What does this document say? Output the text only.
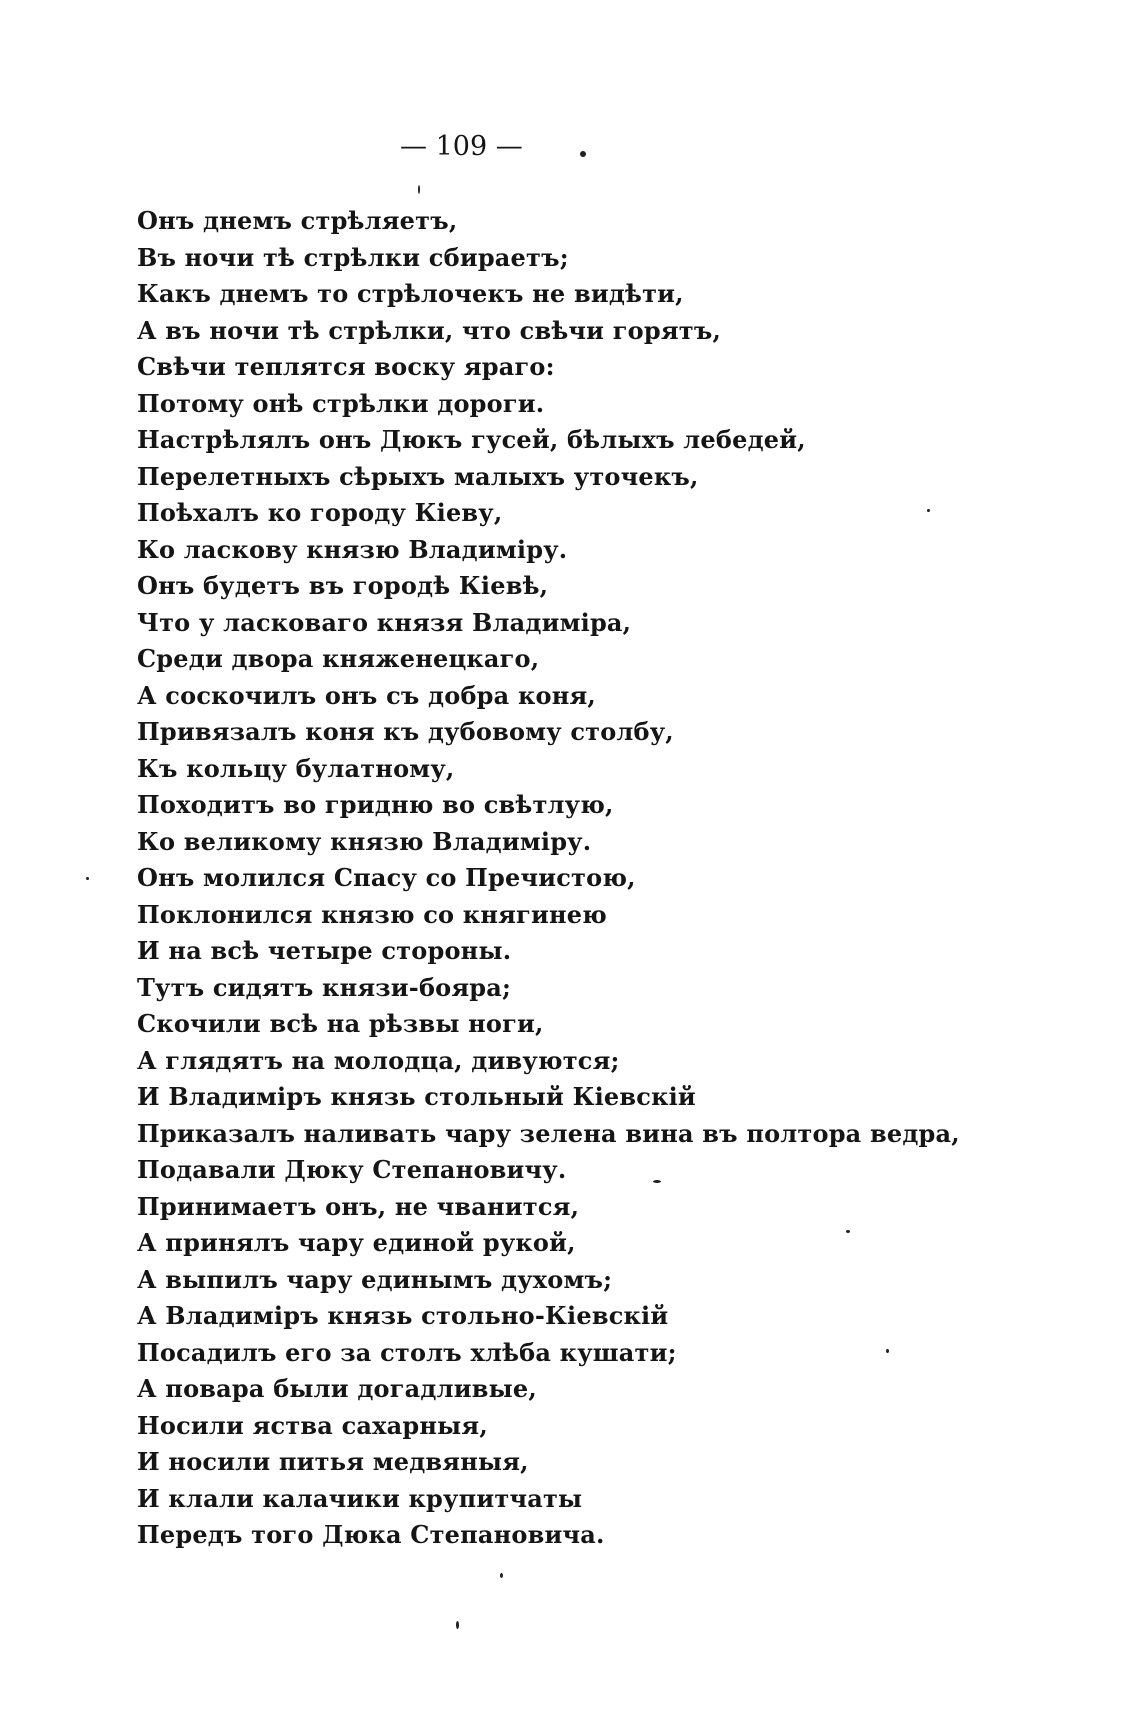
— 109 —
Онъ днемъ стрѣляетъ,
Въ ночи тѣ стрѣлки сбираетъ;
Какъ днемъ то стрѣлочекъ не видѣти,
А въ ночи тѣ стрѣлки, что свѣчи горятъ,
Свѣчи теплятся воску яраго:
Потому онѣ стрѣлки дороги.
Настрѣлялъ онъ Дюкъ гусей, бѣлыхъ лебедей,
Перелетныхъ сѣрыхъ малыхъ уточекъ,
Поѣхалъ ко городу Кіеву,
Ко ласкову князю Владиміру.
Онъ будетъ въ городѣ Кіевѣ,
Что у ласковаго князя Владиміра,
Среди двора княженецкаго,
А соскочилъ онъ съ добра коня,
Привязалъ коня къ дубовому столбу,
Къ кольцу булатному,
Походитъ во гридню во свѣтлую,
Ко великому князю Владиміру.
Онъ молился Спасу со Пречистою,
Поклонился князю со княгинею
И на всѣ четыре стороны.
Тутъ сидятъ князи-бояра;
Скочили всѣ на рѣзвы ноги,
А глядятъ на молодца, дивуются;
И Владиміръ князь стольный Кіевскій
Приказалъ наливать чару зелена вина въ полтора ведра,
Подавали Дюку Степановичу.
Принимаетъ онъ, не чванится,
А принялъ чару единой рукой,
А выпилъ чару единымъ духомъ;
А Владиміръ князь стольно-Кіевскій
Посадилъ его за столъ хлѣба кушати;
А повара были догадливые,
Носили яства сахарныя,
И носили питья медвяныя,
И клали калачики крупитчаты
Передъ того Дюка Степановича.
